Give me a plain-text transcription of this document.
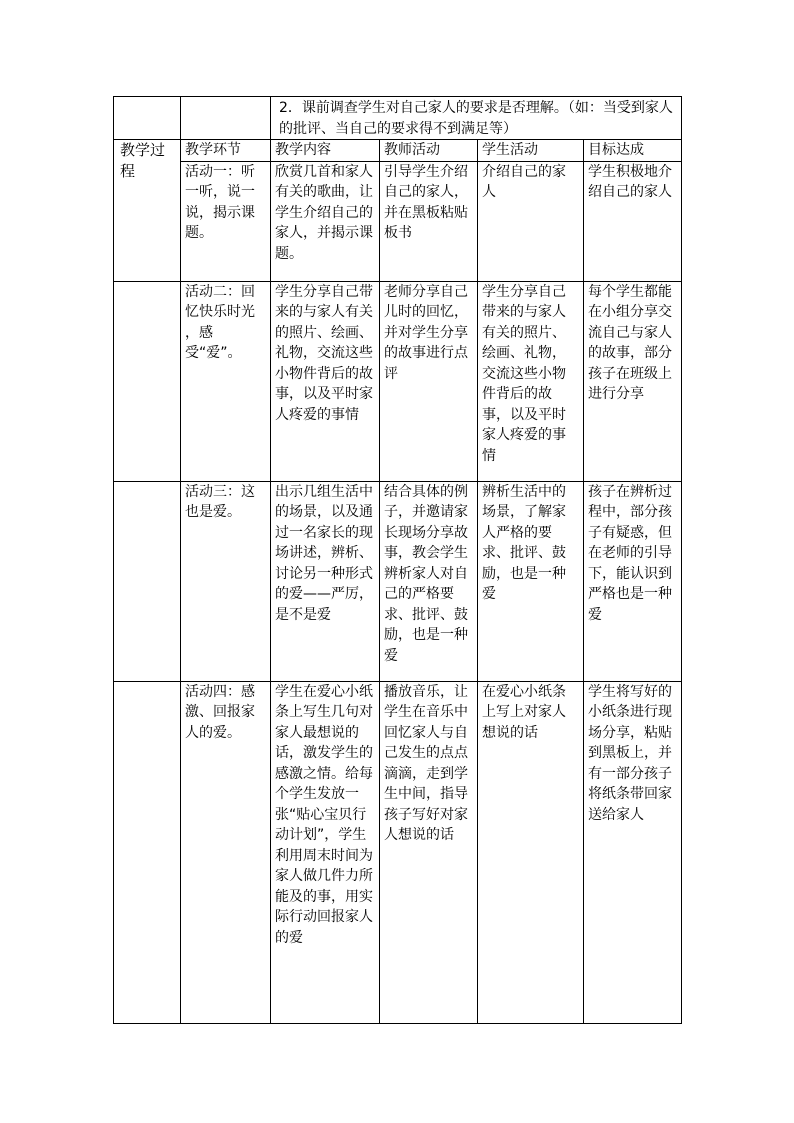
		2．课前调查学生对自己家人的要求是否理解。（如：当受到家人的批评、当自己的要求得不到满足等）			
教学过程	教学环节	教学内容	教师活动	学生活动	目标达成
	活动一：听一听，说一说，揭示课题。	欣赏几首和家人有关的歌曲，让学生介绍自己的家人，并揭示课题。	引导学生介绍自己的家人，并在黑板粘贴板书	介绍自己的家人	学生积极地介绍自己的家人
	活动二：回忆快乐时光  ，感受“爱”。	学生分享自己带来的与家人有关的照片、绘画、礼物，交流这些小物件背后的故事，以及平时家人疼爱的事情	老师分享自己儿时的回忆，并对学生分享的故事进行点评	学生分享自己带来的与家人有关的照片、绘画、礼物，交流这些小物件背后的故事，以及平时家人疼爱的事情	每个学生都能在小组分享交流自己与家人的故事，部分孩子在班级上进行分享
	活动三：这也是爱。	出示几组生活中的场景，以及通过一名家长的现场讲述，辨析、讨论另一种形式的爱——严厉，是不是爱	结合具体的例子，并邀请家长现场分享故事，教会学生辨析家人对自己的严格要求、批评、鼓励，也是一种爱	辨析生活中的场景，了解家人严格的要求、批评、鼓励，也是一种爱	孩子在辨析过程中，部分孩子有疑惑，但在老师的引导下，能认识到严格也是一种爱
	活动四：感激、回报家人的爱。	学生在爱心小纸条上写生几句对家人最想说的话，激发学生的感激之情。给每个学生发放一张“贴心宝贝行动计划”，学生利用周末时间为家人做几件力所能及的事，用实际行动回报家人的爱	播放音乐，让学生在音乐中回忆家人与自己发生的点点滴滴，走到学生中间，指导孩子写好对家人想说的话	在爱心小纸条上写上对家人想说的话	学生将写好的小纸条进行现场分享，粘贴到黑板上，并有一部分孩子将纸条带回家送给家人
